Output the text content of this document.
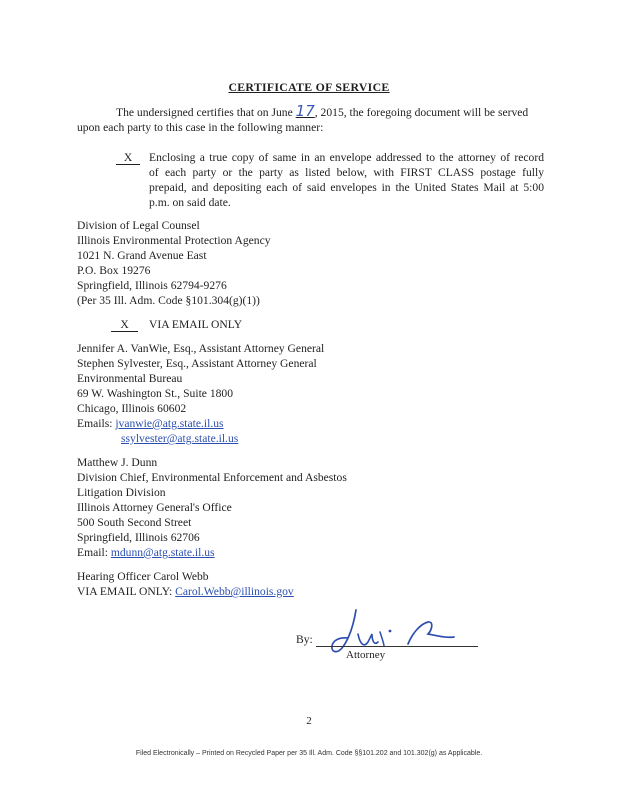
CERTIFICATE OF SERVICE
The undersigned certifies that on June 17, 2015, the foregoing document will be served
upon each party to this case in the following manner:
X	Enclosing a true copy of same in an envelope addressed to the attorney of record
of each party or the party as listed below, with FIRST CLASS postage fully
prepaid, and depositing each of said envelopes in the United States Mail at 5:00
p.m. on said date.
Division of Legal Counsel
Illinois Environmental Protection Agency
1021 N. Grand Avenue East
P.O. Box 19276
Springfield, Illinois 62794-9276
(Per 35 Ill. Adm. Code §101.304(g)(1))
X	VIA EMAIL ONLY
Jennifer A. VanWie, Esq., Assistant Attorney General
Stephen Sylvester, Esq., Assistant Attorney General
Environmental Bureau
69 W. Washington St., Suite 1800
Chicago, Illinois 60602
Emails: jvanwie@atg.state.il.us
ssylvester@atg.state.il.us
Matthew J. Dunn
Division Chief, Environmental Enforcement and Asbestos
Litigation Division
Illinois Attorney General's Office
500 South Second Street
Springfield, Illinois 62706
Email: mdunn@atg.state.il.us
Hearing Officer Carol Webb
VIA EMAIL ONLY: Carol.Webb@illinois.gov
By:
Attorney
2
Filed Electronically – Printed on Recycled Paper per 35 Ill. Adm. Code §§101.202 and 101.302(g) as Applicable.
